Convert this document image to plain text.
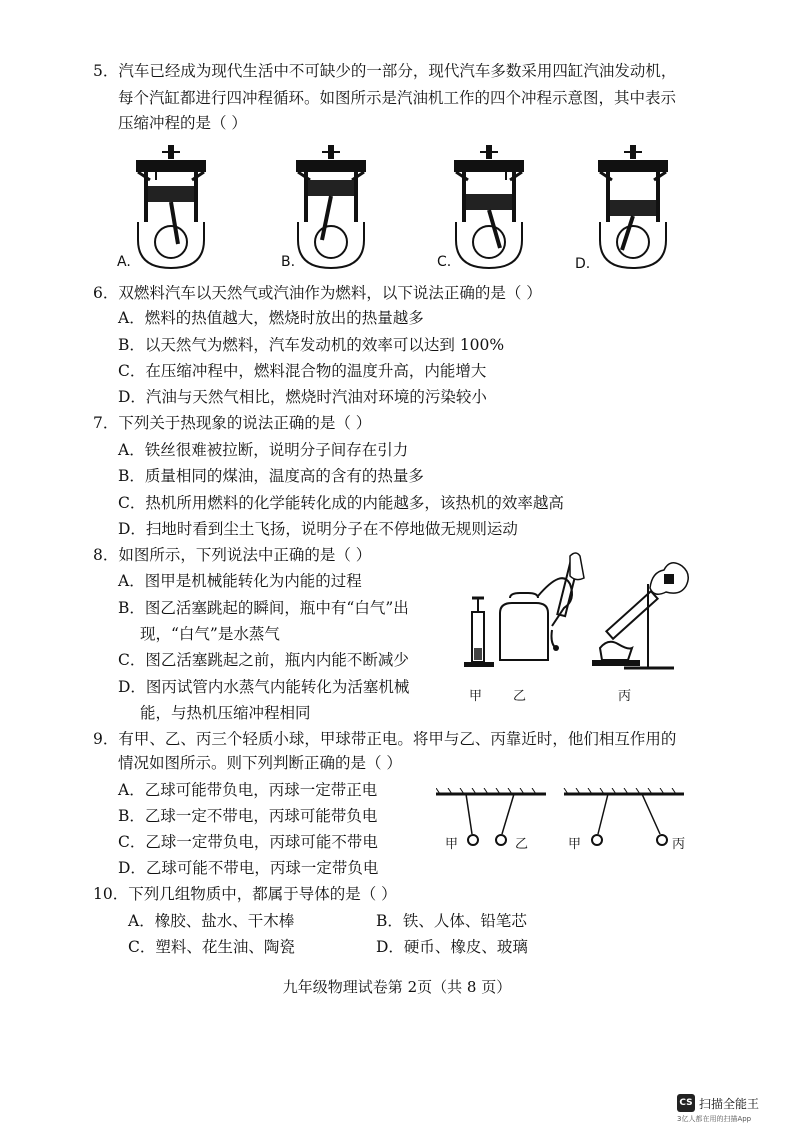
5．汽车已经成为现代生活中不可缺少的一部分，现代汽车多数采用四缸汽油发动机，
每个汽缸都进行四冲程循环。如图所示是汽油机工作的四个冲程示意图，其中表示
压缩冲程的是（ ）
A.	B.	C.	D.
6．双燃料汽车以天然气或汽油作为燃料，以下说法正确的是（ ）
A．燃料的热值越大，燃烧时放出的热量越多
B．以天然气为燃料，汽车发动机的效率可以达到 100%
C．在压缩冲程中，燃料混合物的温度升高，内能增大
D．汽油与天然气相比，燃烧时汽油对环境的污染较小
7．下列关于热现象的说法正确的是（ ）
A．铁丝很难被拉断，说明分子间存在引力
B．质量相同的煤油，温度高的含有的热量多
C．热机所用燃料的化学能转化成的内能越多，该热机的效率越高
D．扫地时看到尘土飞扬，说明分子在不停地做无规则运动
8．如图所示，下列说法中正确的是（ ）
A．图甲是机械能转化为内能的过程
B．图乙活塞跳起的瞬间，瓶中有“白气”出
现，“白气”是水蒸气
C．图乙活塞跳起之前，瓶内内能不断减少
D．图丙试管内水蒸气内能转化为活塞机械
能，与热机压缩冲程相同
甲 乙	丙
9．有甲、乙、丙三个轻质小球，甲球带正电。将甲与乙、丙靠近时，他们相互作用的
情况如图所示。则下列判断正确的是（ ）
A．乙球可能带负电，丙球一定带正电
B．乙球一定不带电，丙球可能带负电
C．乙球一定带负电，丙球可能不带电
D．乙球可能不带电，丙球一定带负电
甲	乙	甲	丙
10．下列几组物质中，都属于导体的是（ ）
A．橡胶、盐水、干木棒	B．铁、人体、铅笔芯
C．塑料、花生油、陶瓷	D．硬币、橡皮、玻璃
九年级物理试卷第 2页（共 8 页）
CS 扫描全能王
3亿人都在用的扫描App
